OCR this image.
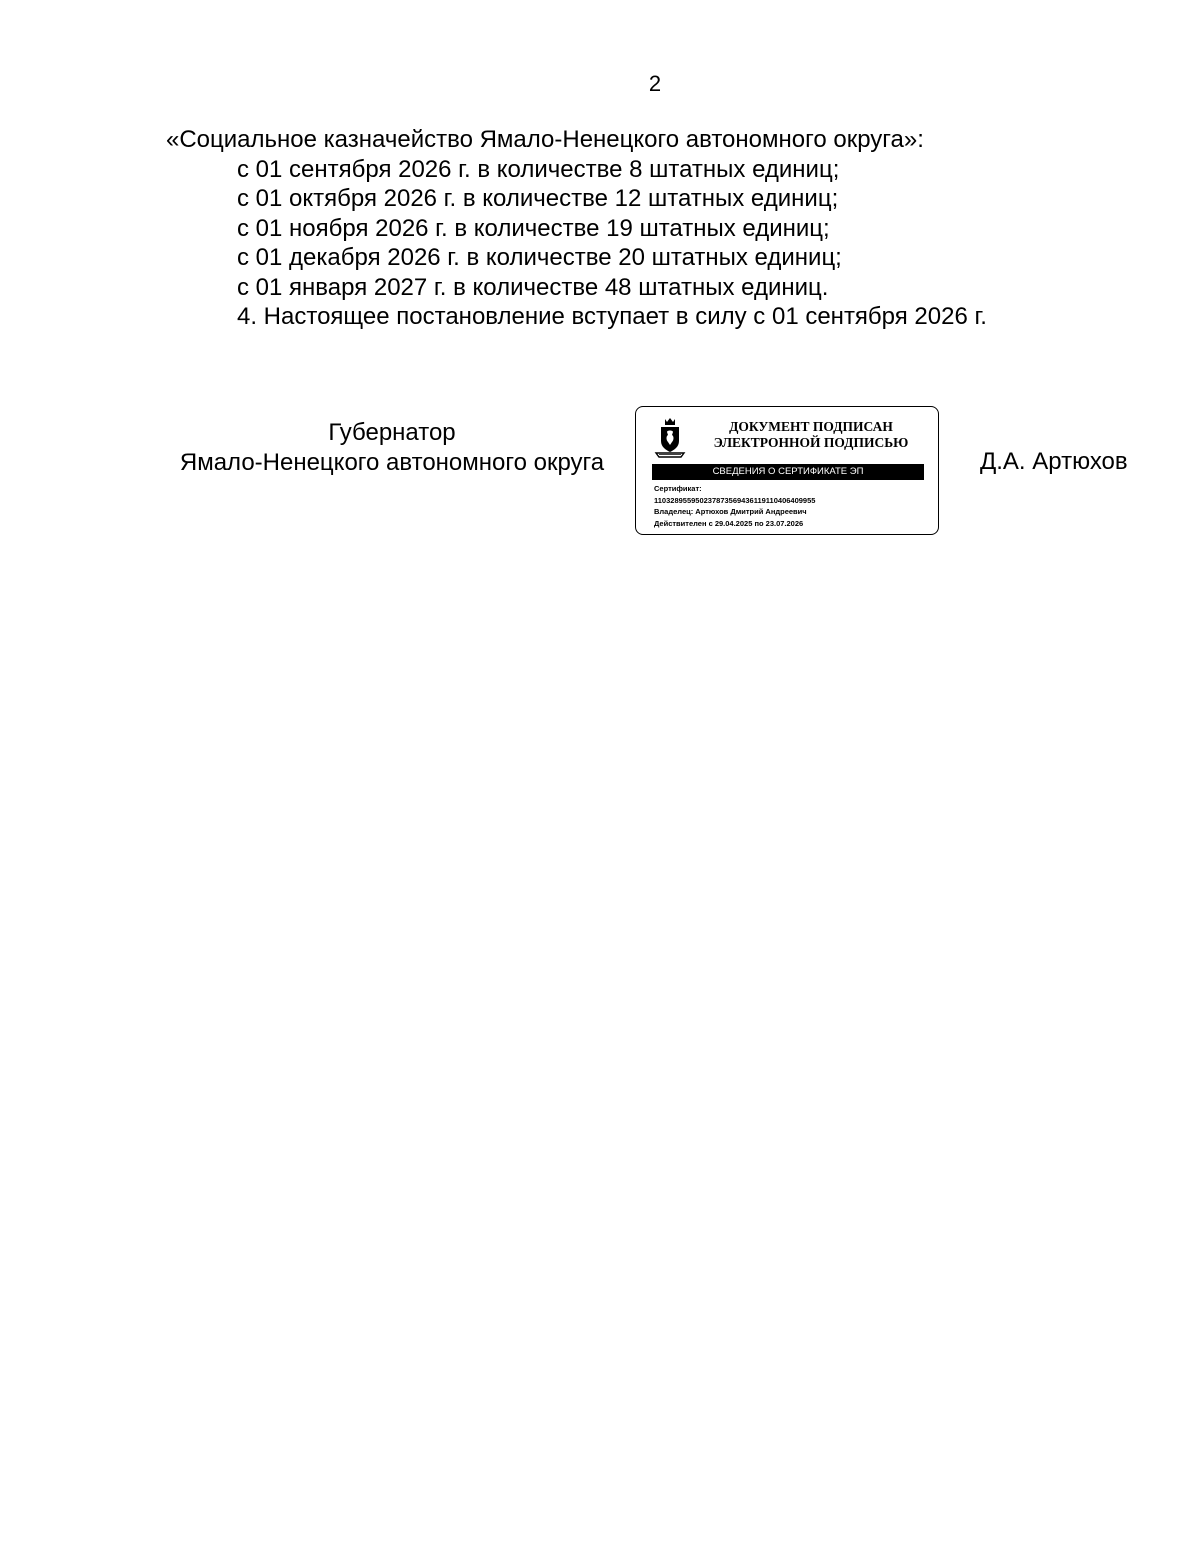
2
«Социальное казначейство Ямало-Ненецкого автономного округа»:
с 01 сентября 2026 г. в количестве 8 штатных единиц;
с 01 октября 2026 г. в количестве 12 штатных единиц;
с 01 ноября 2026 г. в количестве 19 штатных единиц;
с 01 декабря 2026 г. в количестве 20 штатных единиц;
с 01 января 2027 г. в количестве 48 штатных единиц.
4. Настоящее постановление вступает в силу с 01 сентября 2026 г.
Губернатор
Ямало-Ненецкого автономного округа
ДОКУМЕНТ ПОДПИСАН
ЭЛЕКТРОННОЙ ПОДПИСЬЮ
СВЕДЕНИЯ О СЕРТИФИКАТЕ ЭП
Сертификат:
110328955950237873569436119110406409955
Владелец: Артюхов Дмитрий Андреевич
Действителен с 29.04.2025 по 23.07.2026
Д.А. Артюхов
